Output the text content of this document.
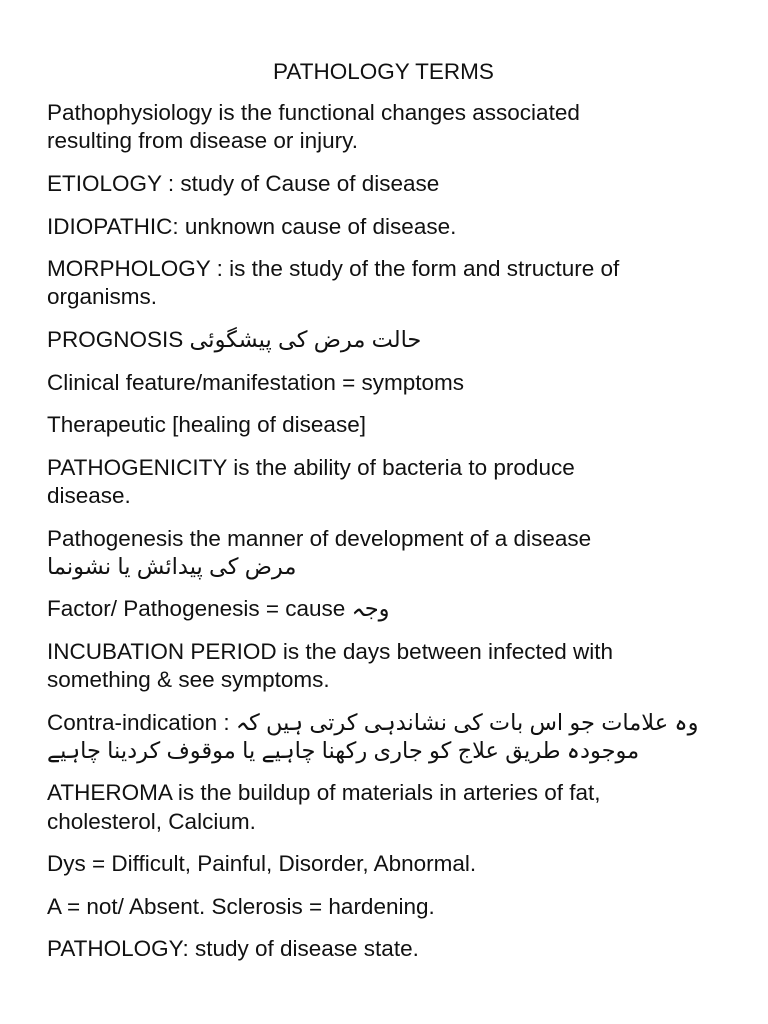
PATHOLOGY TERMS
Pathophysiology is the functional changes associated
resulting from disease or injury.
ETIOLOGY : study of Cause of disease
IDIOPATHIC: unknown cause of disease.
MORPHOLOGY : is the study of the form and structure of
organisms.
PROGNOSIS حالت مرض کی پیشگوئی
Clinical feature/manifestation = symptoms
Therapeutic [healing of disease]
PATHOGENICITY is the ability of bacteria to produce
disease.
Pathogenesis the manner of development of a disease
مرض کی پیدائش یا نشونما
Factor/ Pathogenesis = cause وجہ
INCUBATION PERIOD is the days between infected with
something & see symptoms.
Contra-indication : وہ علامات جو اس بات کی نشاندہی کرتی ہیں کہ
موجودہ طریق علاج کو جاری رکھنا چاہیے یا موقوف کردینا چاہیے
ATHEROMA is the buildup of materials in arteries of fat,
cholesterol, Calcium.
Dys = Difficult, Painful, Disorder, Abnormal.
A = not/ Absent. Sclerosis = hardening.
PATHOLOGY: study of disease state.
